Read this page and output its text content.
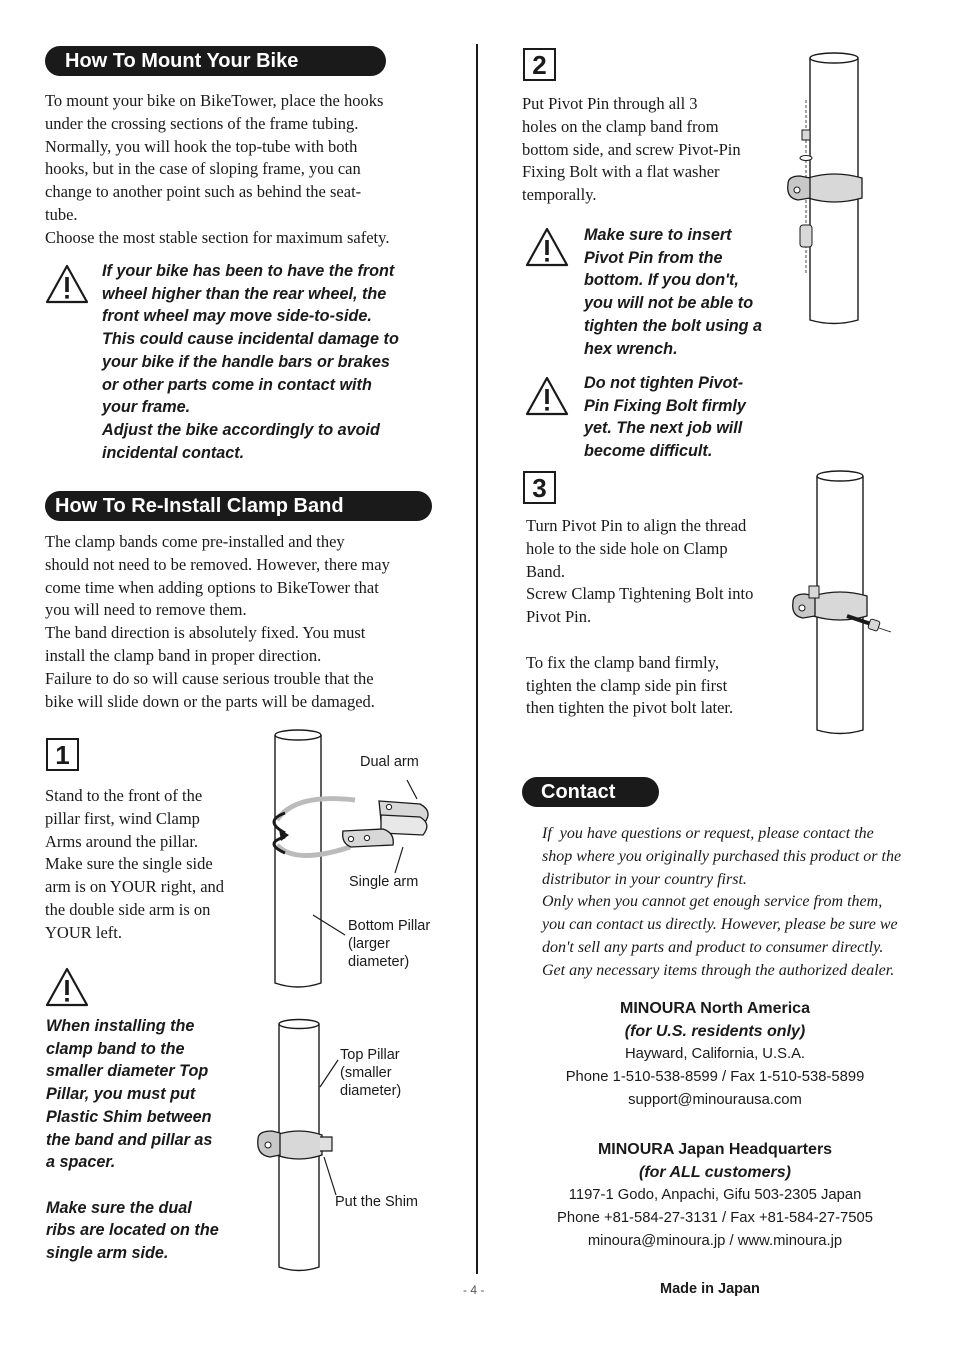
How To Mount Your Bike
To mount your bike on BikeTower, place the hooks
under the crossing sections of the frame tubing.
Normally, you will hook the top-tube with both
hooks, but in the case of sloping frame, you can
change to another point such as behind the seat-
tube.
Choose the most stable section for maximum safety.
If your bike has been to have the front
wheel higher than the rear wheel, the
front wheel may move side-to-side.
This could cause incidental damage to
your bike if the handle bars or brakes
or other parts come in contact with
your frame.
Adjust the bike accordingly to avoid
incidental contact.
How To Re-Install Clamp Band
The clamp bands come pre-installed and they
should not need to be removed. However, there may
come time when adding options to BikeTower that
you will need to remove them.
The band direction is absolutely fixed. You must
install the clamp band in proper direction.
Failure to do so will cause serious trouble that the
bike will slide down or the parts will be damaged.
1
Stand to the front of the
pillar first, wind Clamp
Arms around the pillar.
Make sure the single side
arm is on YOUR right, and
the double side arm is on
YOUR left.
When installing the
clamp band to the
smaller diameter Top
Pillar, you must put
Plastic Shim between
the band and pillar as
a spacer.
Make sure the dual
ribs are located on the
single arm side.
Dual arm
Single arm
Bottom Pillar
(larger
diameter)
Top Pillar
(smaller
diameter)
Put the Shim
2
Put Pivot Pin through all 3
holes on the clamp band from
bottom side, and screw Pivot-Pin
Fixing Bolt with a flat washer
temporally.
Make sure to insert
Pivot Pin from the
bottom. If you don't,
you will not be able to
tighten the bolt using a
hex wrench.
Do not tighten Pivot-
Pin Fixing Bolt firmly
yet. The next job will
become difficult.
3
Turn Pivot Pin to align the thread
hole to the side hole on Clamp
Band.
Screw Clamp Tightening Bolt into
Pivot Pin.
To fix the clamp band firmly,
tighten the clamp side pin first
then tighten the pivot bolt later.
Contact
If  you have questions or request, please contact the
shop where you originally purchased this product or the
distributor in your country first.
Only when you cannot get enough service from them,
you can contact us directly. However, please be sure we
don't sell any parts and product to consumer directly.
Get any necessary items through the authorized dealer.
MINOURA North America
(for U.S. residents only)
Hayward, California, U.S.A.
Phone 1-510-538-8599 / Fax 1-510-538-5899
support@minourausa.com
MINOURA Japan Headquarters
(for ALL customers)
1197-1 Godo, Anpachi, Gifu 503-2305 Japan
Phone +81-584-27-3131 / Fax +81-584-27-7505
minoura@minoura.jp / www.minoura.jp
- 4 -	Made in Japan
